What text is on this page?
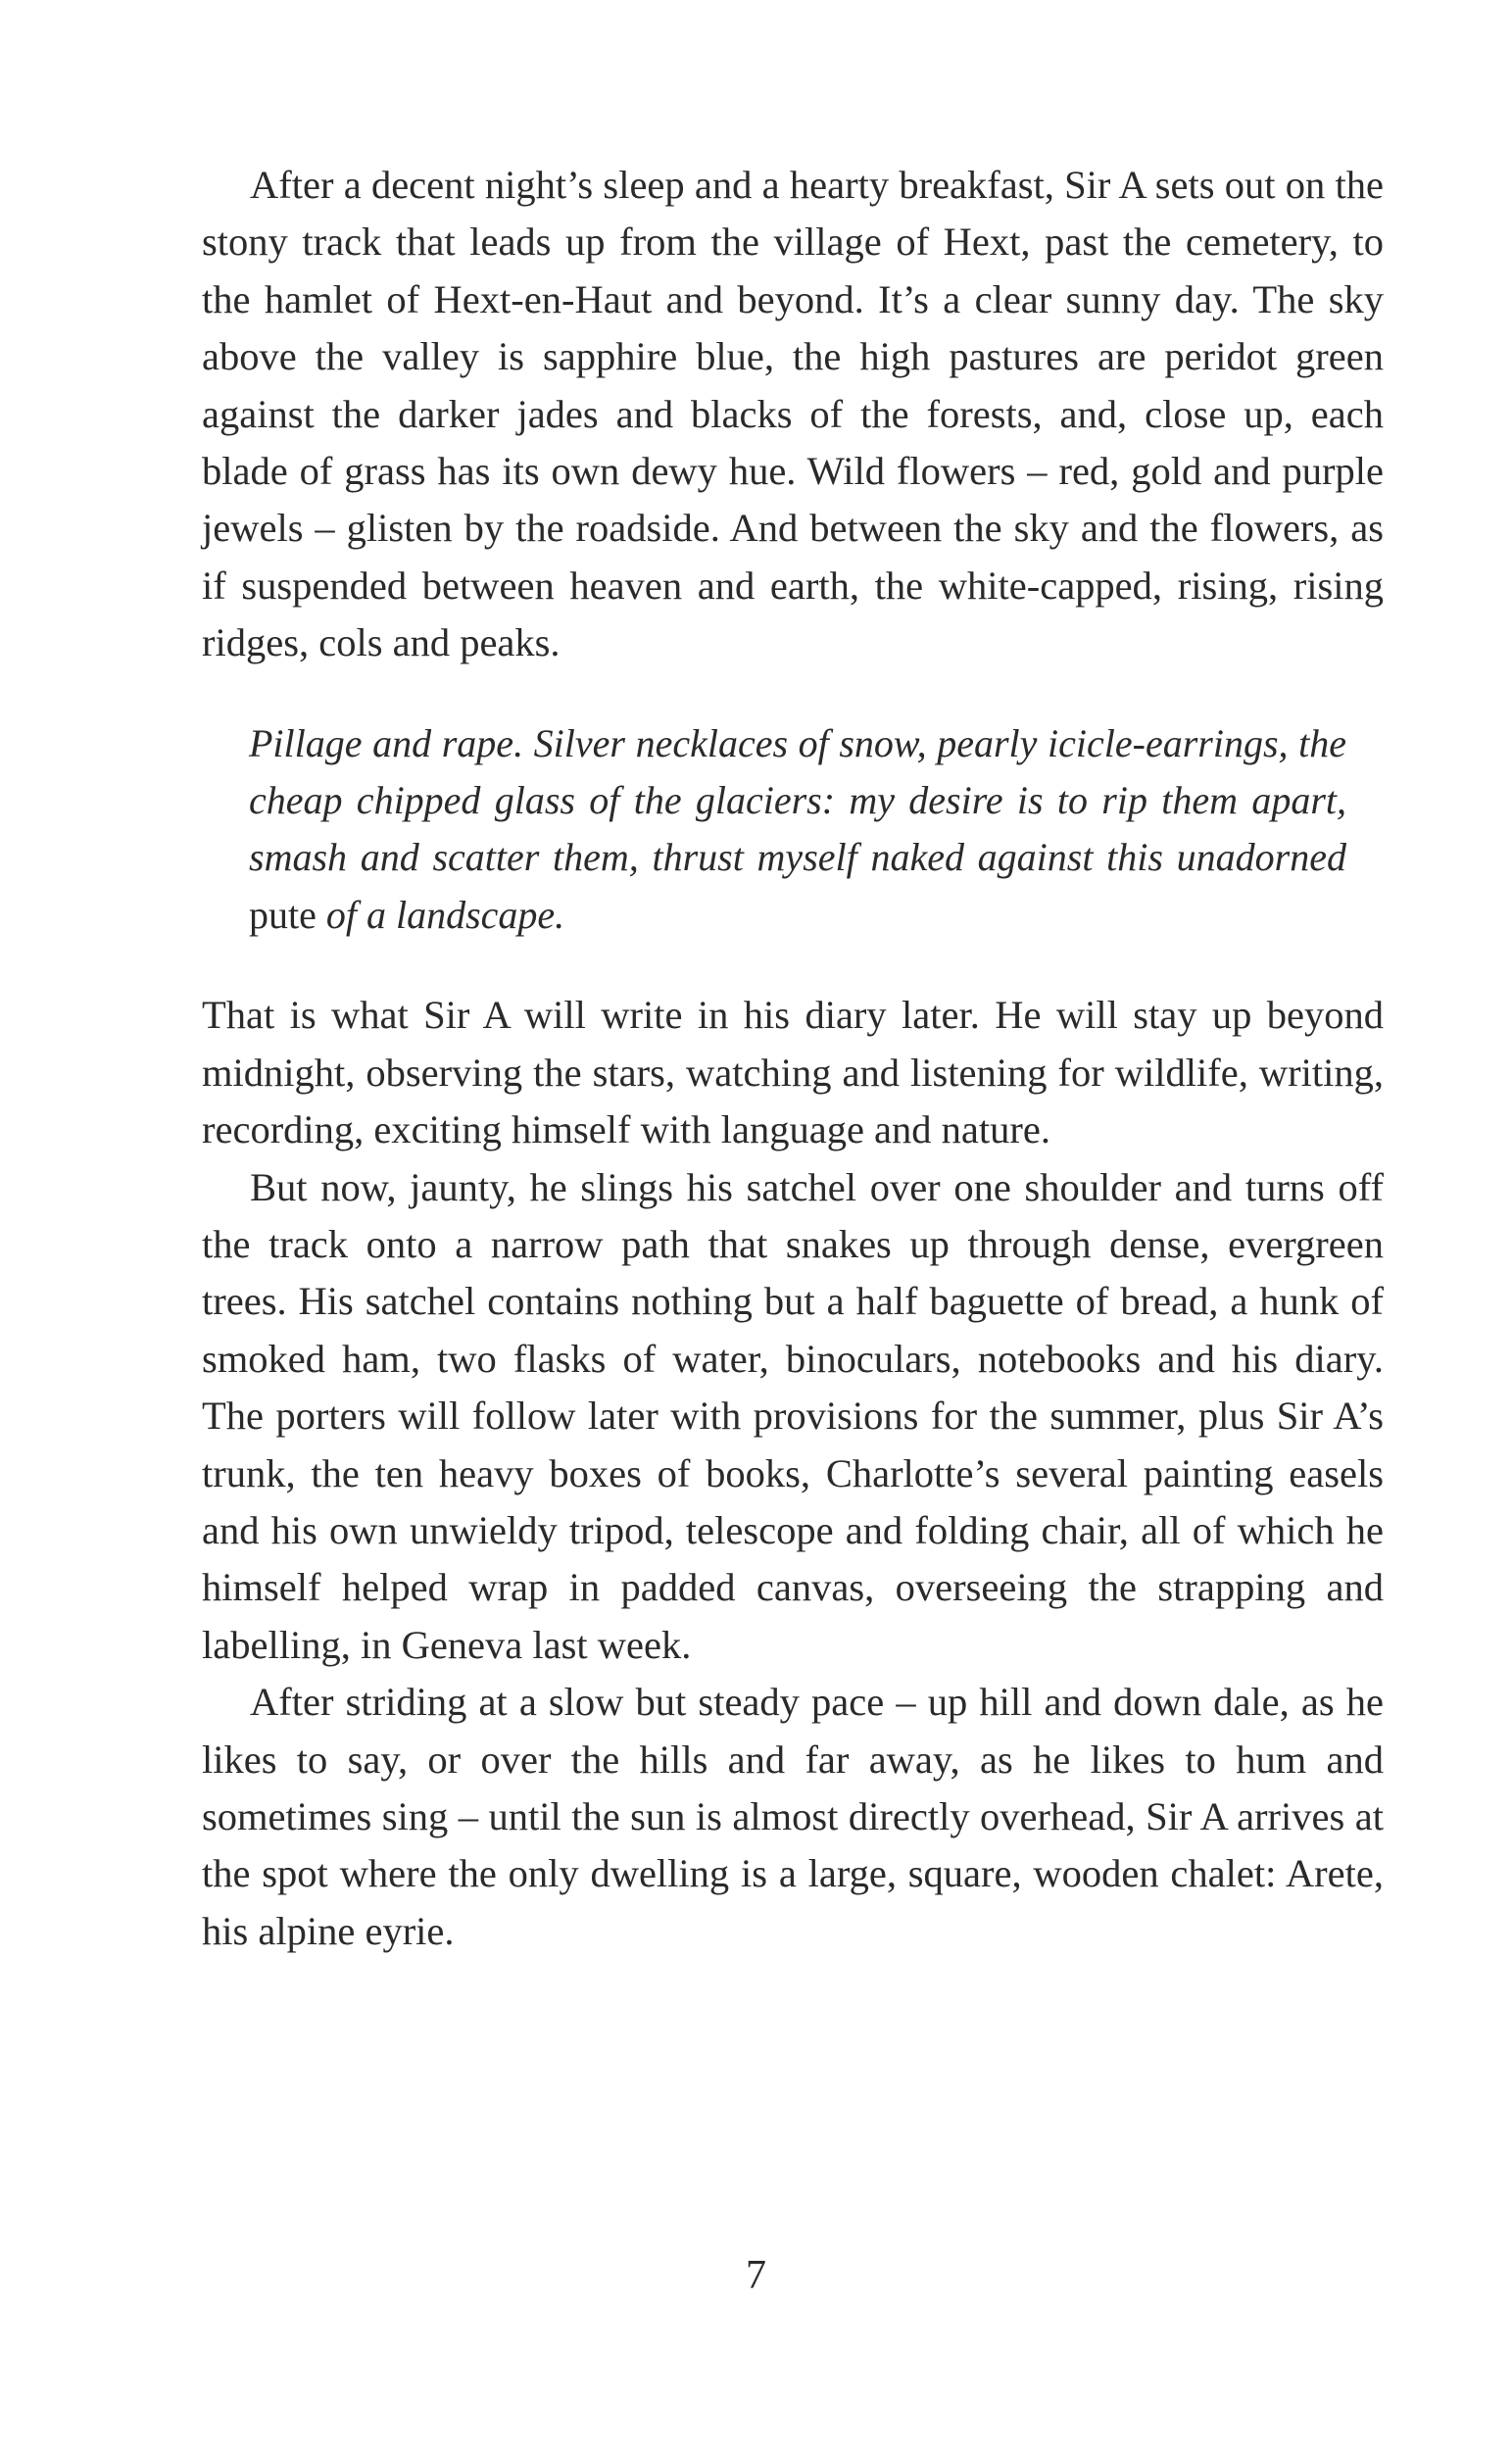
After a decent night’s sleep and a hearty breakfast, Sir A sets out on the stony track that leads up from the village of Hext, past the cemetery, to the hamlet of Hext-en-Haut and beyond. It’s a clear sunny day. The sky above the valley is sapphire blue, the high pastures are peridot green against the darker jades and blacks of the forests, and, close up, each blade of grass has its own dewy hue. Wild flowers – red, gold and purple jewels – glisten by the roadside. And between the sky and the flowers, as if suspended between heaven and earth, the white-capped, rising, rising ridges, cols and peaks.

Pillage and rape. Silver necklaces of snow, pearly icicle-earrings, the cheap chipped glass of the glaciers: my desire is to rip them apart, smash and scatter them, thrust myself naked against this unadorned pute of a landscape.

That is what Sir A will write in his diary later. He will stay up beyond midnight, observing the stars, watching and listening for wildlife, writing, recording, exciting himself with language and nature.

But now, jaunty, he slings his satchel over one shoulder and turns off the track onto a narrow path that snakes up through dense, evergreen trees. His satchel contains nothing but a half baguette of bread, a hunk of smoked ham, two flasks of water, binoculars, notebooks and his diary. The porters will follow later with provisions for the summer, plus Sir A’s trunk, the ten heavy boxes of books, Charlotte’s several painting easels and his own unwieldy tripod, telescope and folding chair, all of which he himself helped wrap in padded canvas, overseeing the strapping and labelling, in Geneva last week.

After striding at a slow but steady pace – up hill and down dale, as he likes to say, or over the hills and far away, as he likes to hum and sometimes sing – until the sun is almost directly overhead, Sir A arrives at the spot where the only dwelling is a large, square, wooden chalet: Arete, his alpine eyrie.

7
